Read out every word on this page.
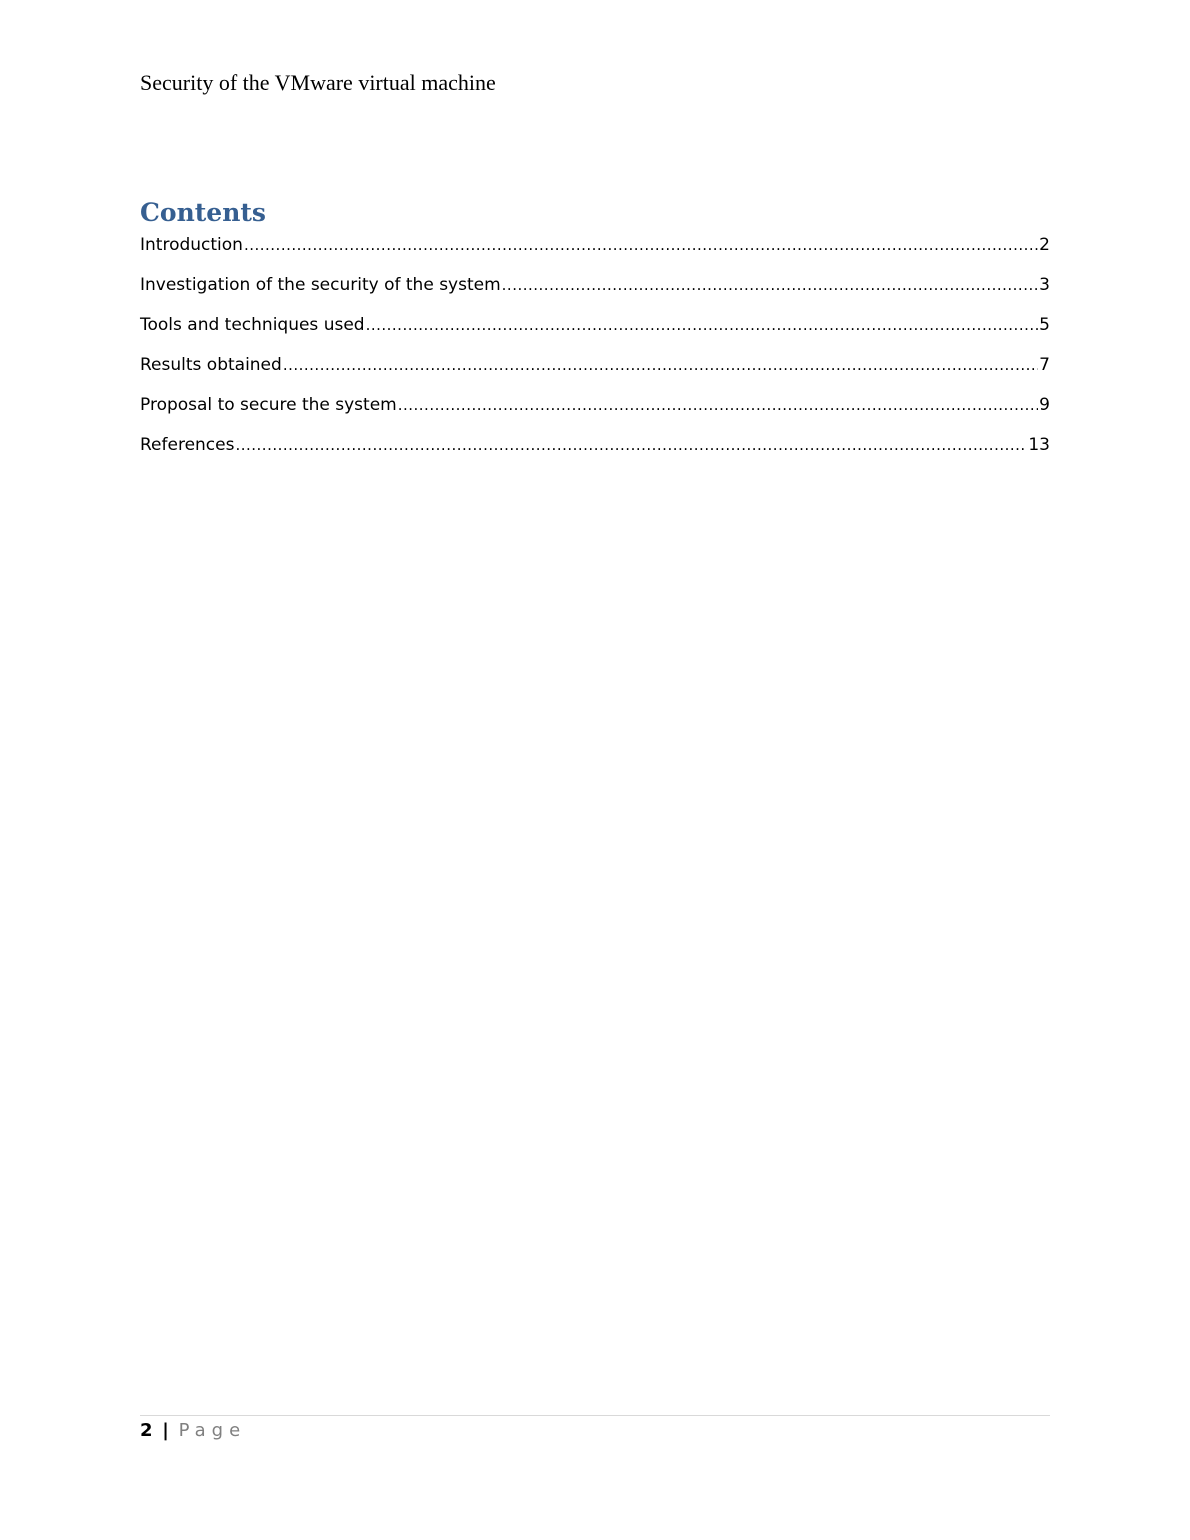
Security of the VMware virtual machine
Contents
Introduction .....	2
Investigation of the security of the system .....	3
Tools and techniques used .....	5
Results obtained .....	7
Proposal to secure the system .....	9
References .....	13
2 | Page
